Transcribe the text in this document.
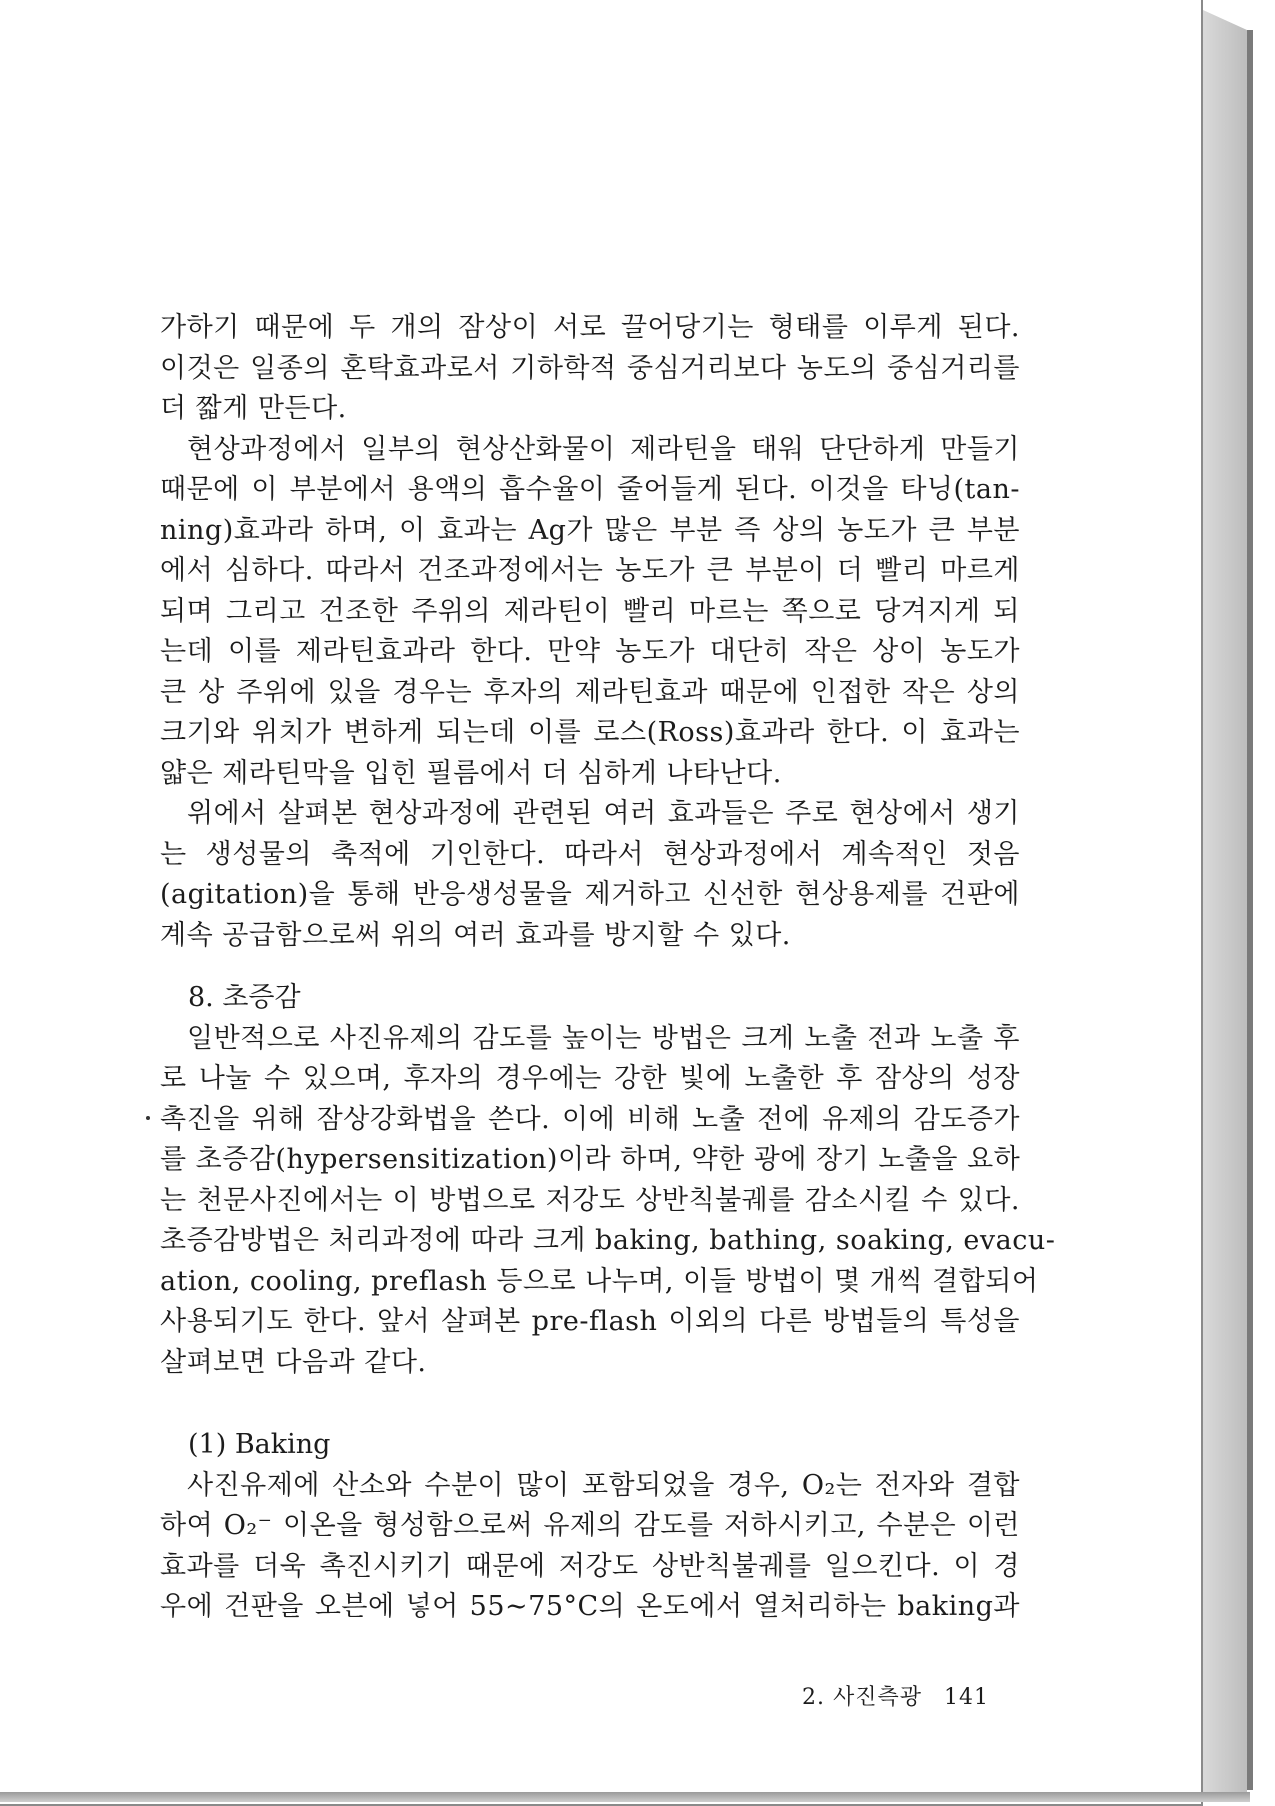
가하기 때문에 두 개의 잠상이 서로 끌어당기는 형태를 이루게 된다.
이것은 일종의 혼탁효과로서 기하학적 중심거리보다 농도의 중심거리를
더 짧게 만든다.
현상과정에서 일부의 현상산화물이 제라틴을 태워 단단하게 만들기
때문에 이 부분에서 용액의 흡수율이 줄어들게 된다. 이것을 타닝(tan-
ning)효과라 하며, 이 효과는 Ag가 많은 부분 즉 상의 농도가 큰 부분
에서 심하다. 따라서 건조과정에서는 농도가 큰 부분이 더 빨리 마르게
되며 그리고 건조한 주위의 제라틴이 빨리 마르는 쪽으로 당겨지게 되
는데 이를 제라틴효과라 한다. 만약 농도가 대단히 작은 상이 농도가
큰 상 주위에 있을 경우는 후자의 제라틴효과 때문에 인접한 작은 상의
크기와 위치가 변하게 되는데 이를 로스(Ross)효과라 한다. 이 효과는
얇은 제라틴막을 입힌 필름에서 더 심하게 나타난다.
위에서 살펴본 현상과정에 관련된 여러 효과들은 주로 현상에서 생기
는 생성물의 축적에 기인한다. 따라서 현상과정에서 계속적인 젓음
(agitation)을 통해 반응생성물을 제거하고 신선한 현상용제를 건판에
계속 공급함으로써 위의 여러 효과를 방지할 수 있다.
8. 초증감
일반적으로 사진유제의 감도를 높이는 방법은 크게 노출 전과 노출 후
로 나눌 수 있으며, 후자의 경우에는 강한 빛에 노출한 후 잠상의 성장
촉진을 위해 잠상강화법을 쓴다. 이에 비해 노출 전에 유제의 감도증가
를 초증감(hypersensitization)이라 하며, 약한 광에 장기 노출을 요하
는 천문사진에서는 이 방법으로 저강도 상반칙불궤를 감소시킬 수 있다.
초증감방법은 처리과정에 따라 크게 baking, bathing, soaking, evacu-
ation, cooling, preflash 등으로 나누며, 이들 방법이 몇 개씩 결합되어
사용되기도 한다. 앞서 살펴본 pre-flash 이외의 다른 방법들의 특성을
살펴보면 다음과 같다.
(1) Baking
사진유제에 산소와 수분이 많이 포함되었을 경우, O₂는 전자와 결합
하여 O₂⁻ 이온을 형성함으로써 유제의 감도를 저하시키고, 수분은 이런
효과를 더욱 촉진시키기 때문에 저강도 상반칙불궤를 일으킨다. 이 경
우에 건판을 오븐에 넣어 55∼75°C의 온도에서 열처리하는 baking과
2. 사진측광 141
